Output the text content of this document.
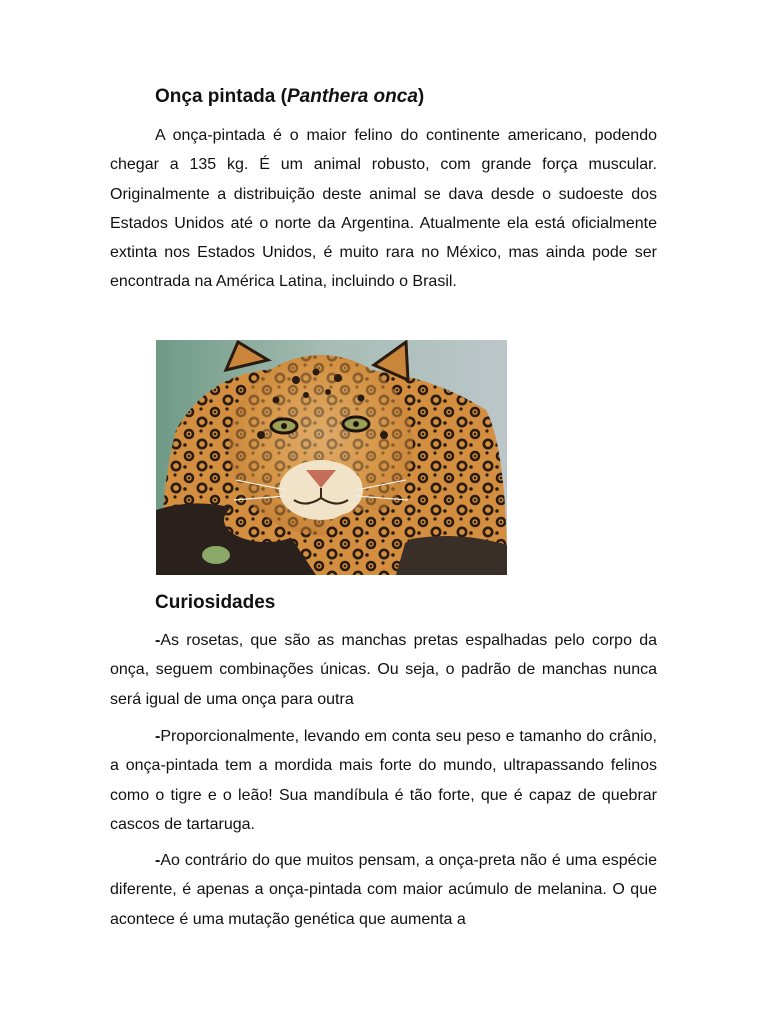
Onça pintada (Panthera onca)

A onça-pintada é o maior felino do continente americano, podendo chegar a 135 kg. É um animal robusto, com grande força muscular. Originalmente a distribuição deste animal se dava desde o sudoeste dos Estados Unidos até o norte da Argentina. Atualmente ela está oficialmente extinta nos Estados Unidos, é muito rara no México, mas ainda pode ser encontrada na América Latina, incluindo o Brasil.

Curiosidades

-As rosetas, que são as manchas pretas espalhadas pelo corpo da onça, seguem combinações únicas. Ou seja, o padrão de manchas nunca será igual de uma onça para outra

-Proporcionalmente, levando em conta seu peso e tamanho do crânio, a onça-pintada tem a mordida mais forte do mundo, ultrapassando felinos como o tigre e o leão! Sua mandíbula é tão forte, que é capaz de quebrar cascos de tartaruga.

-Ao contrário do que muitos pensam, a onça-preta não é uma espécie diferente, é apenas a onça-pintada com maior acúmulo de melanina. O que acontece é uma mutação genética que aumenta a
